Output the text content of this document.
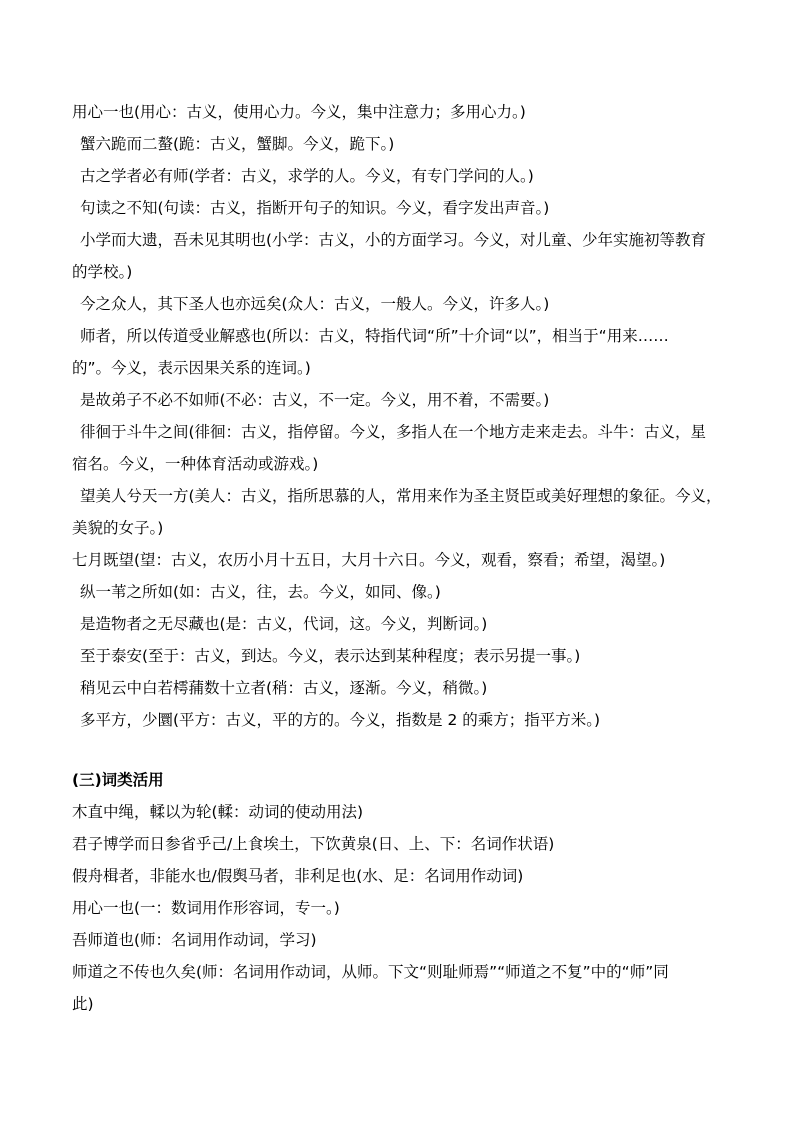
用心一也(用心：古义，使用心力。今义，集中注意力；多用心力。)
蟹六跪而二螯(跪：古义，蟹脚。今义，跪下。)
古之学者必有师(学者：古义，求学的人。今义，有专门学问的人。)
句读之不知(句读：古义，指断开句子的知识。今义，看字发出声音。)
小学而大遗，吾未见其明也(小学：古义，小的方面学习。今义，对儿童、少年实施初等教育
的学校。)
今之众人，其下圣人也亦远矣(众人：古义，一般人。今义，许多人。)
师者，所以传道受业解惑也(所以：古义，特指代词“所”十介词“以”，相当于“用来……
的”。今义，表示因果关系的连词。)
是故弟子不必不如师(不必：古义，不一定。今义，用不着，不需要。)
徘徊于斗牛之间(徘徊：古义，指停留。今义，多指人在一个地方走来走去。斗牛：古义，星
宿名。今义，一种体育活动或游戏。)
望美人兮天一方(美人：古义，指所思慕的人，常用来作为圣主贤臣或美好理想的象征。今义，
美貌的女子。)
七月既望(望：古义，农历小月十五日，大月十六日。今义，观看，察看；希望，渴望。)
纵一苇之所如(如：古义，往，去。今义，如同、像。)
是造物者之无尽藏也(是：古义，代词，这。今义，判断词。)
至于泰安(至于：古义，到达。今义，表示达到某种程度；表示另提一事。)
稍见云中白若樗蒱数十立者(稍：古义，逐渐。今义，稍微。)
多平方，少圜(平方：古义，平的方的。今义，指数是 2 的乘方；指平方米。)
(三)词类活用
木直中绳，輮以为轮(輮：动词的使动用法)
君子博学而日参省乎己/上食埃土，下饮黄泉(日、上、下：名词作状语)
假舟楫者，非能水也/假舆马者，非利足也(水、足：名词用作动词)
用心一也(一：数词用作形容词，专一。)
吾师道也(师：名词用作动词，学习)
师道之不传也久矣(师：名词用作动词，从师。下文“则耻师焉”“师道之不复”中的“师”同
此)
